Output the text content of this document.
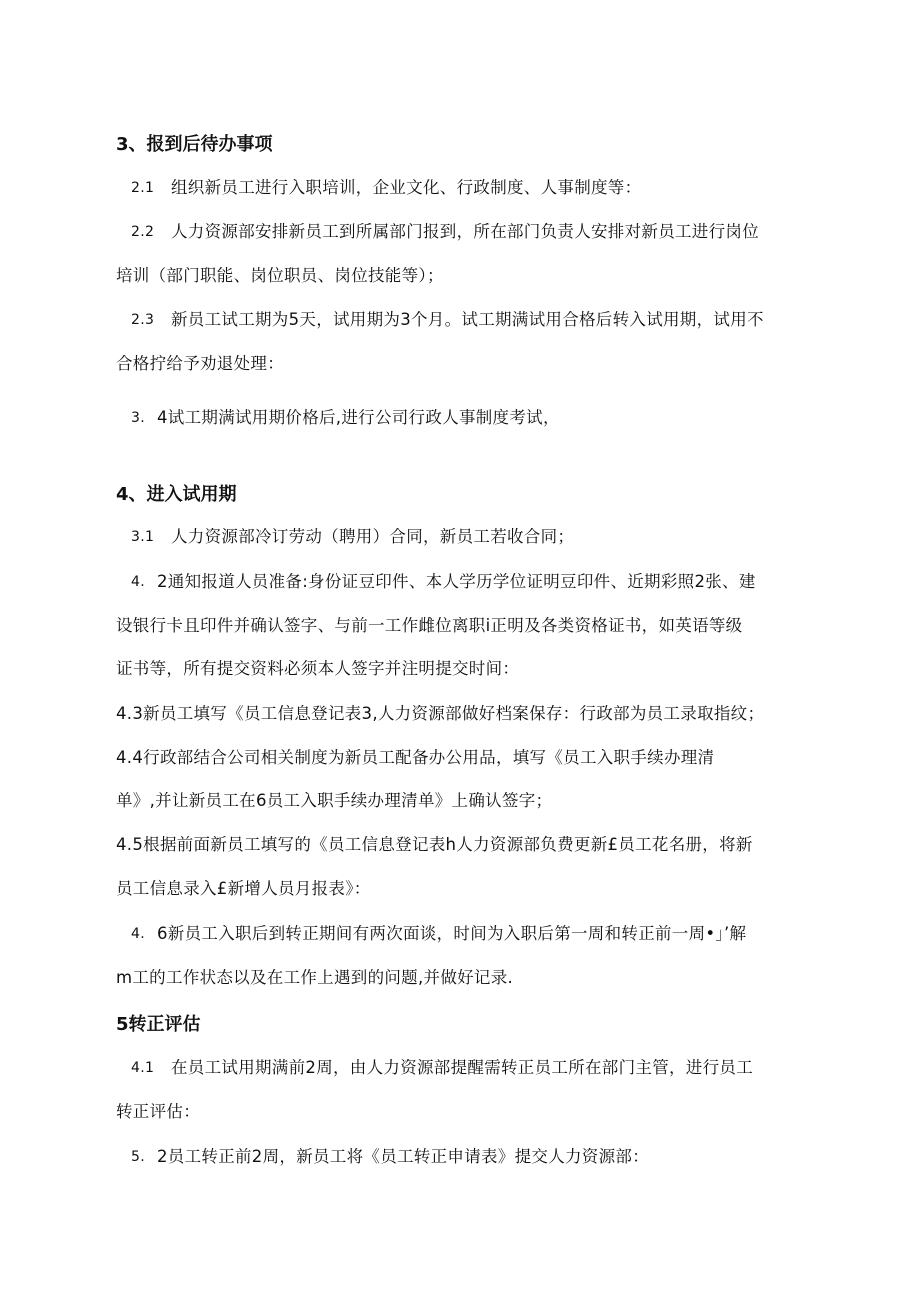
3、报到后待办事项
2.1 组织新员工进行入职培训，企业文化、行政制度、人事制度等：
2.2 人力资源部安排新员工到所属部门报到，所在部门负责人安排对新员工进行岗位
培训（部门职能、岗位职员、岗位技能等）；
2.3 新员工试工期为5天，试用期为3个月。试工期满试用合格后转入试用期，试用不
合格拧给予劝退处理：
3. 4试工期满试用期价格后,进行公司行政人事制度考试，
4、进入试用期
3.1 人力资源部冷订劳动（聘用）合同，新员工若收合同；
4. 2通知报道人员准备:身份证豆印件、本人学历学位证明豆印件、近期彩照2张、建
设银行卡且印件并确认签字、与前一工作雌位离职i正明及各类资格证书，如英语等级
证书等，所有提交资料必须本人签字并注明提交时间：
4.3新员工填写《员工信息登记表3,人力资源部做好档案保存：行政部为员工录取指纹；
4.4行政部结合公司相关制度为新员工配备办公用品，填写《员工入职手续办理清
单》,并让新员工在6员工入职手续办理清单》上确认签字；
4.5根据前面新员工填写的《员工信息登记表h人力资源部负费更新£员工花名册，将新
员工信息录入£新增人员月报表》：
4. 6新员工入职后到转正期间有两次面谈，时间为入职后第一周和转正前一周•」’解
m工的工作状态以及在工作上遇到的问题,并做好记录.
5转正评估
4.1 在员工试用期满前2周，由人力资源部提醒需转正员工所在部门主管，进行员工
转正评估：
5. 2员工转正前2周，新员工将《员工转正申请表》提交人力资源部：
